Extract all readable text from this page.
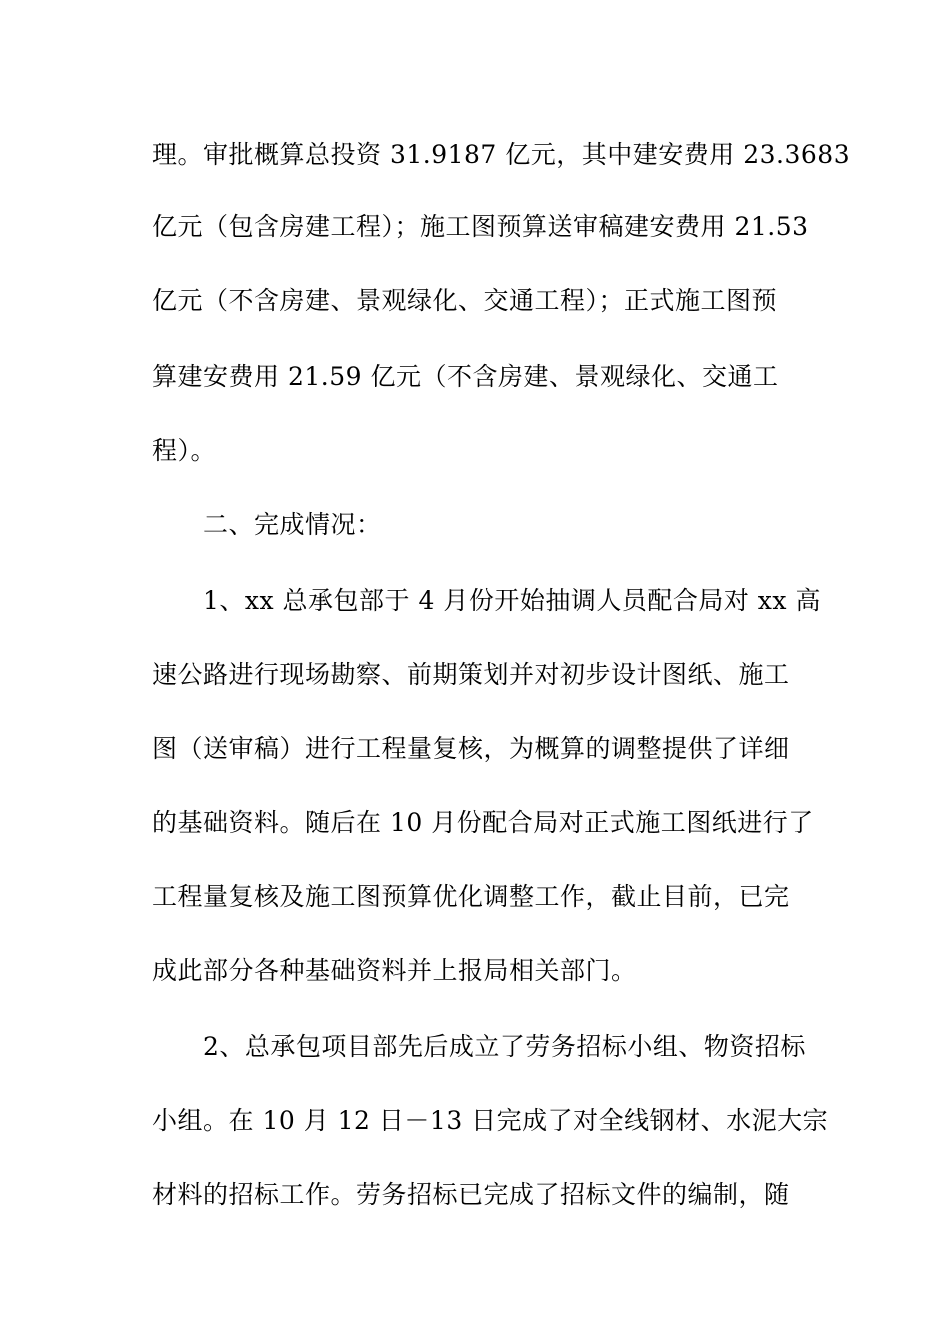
理。审批概算总投资 31.9187 亿元，其中建安费用 23.3683
亿元（包含房建工程）；施工图预算送审稿建安费用 21.53
亿元（不含房建、景观绿化、交通工程）；正式施工图预
算建安费用 21.59 亿元（不含房建、景观绿化、交通工
程）。
二、完成情况：
1、xx 总承包部于 4 月份开始抽调人员配合局对 xx 高
速公路进行现场勘察、前期策划并对初步设计图纸、施工
图（送审稿）进行工程量复核，为概算的调整提供了详细
的基础资料。随后在 10 月份配合局对正式施工图纸进行了
工程量复核及施工图预算优化调整工作，截止目前，已完
成此部分各种基础资料并上报局相关部门。
2、总承包项目部先后成立了劳务招标小组、物资招标
小组。在 10 月 12 日－13 日完成了对全线钢材、水泥大宗
材料的招标工作。劳务招标已完成了招标文件的编制，随
